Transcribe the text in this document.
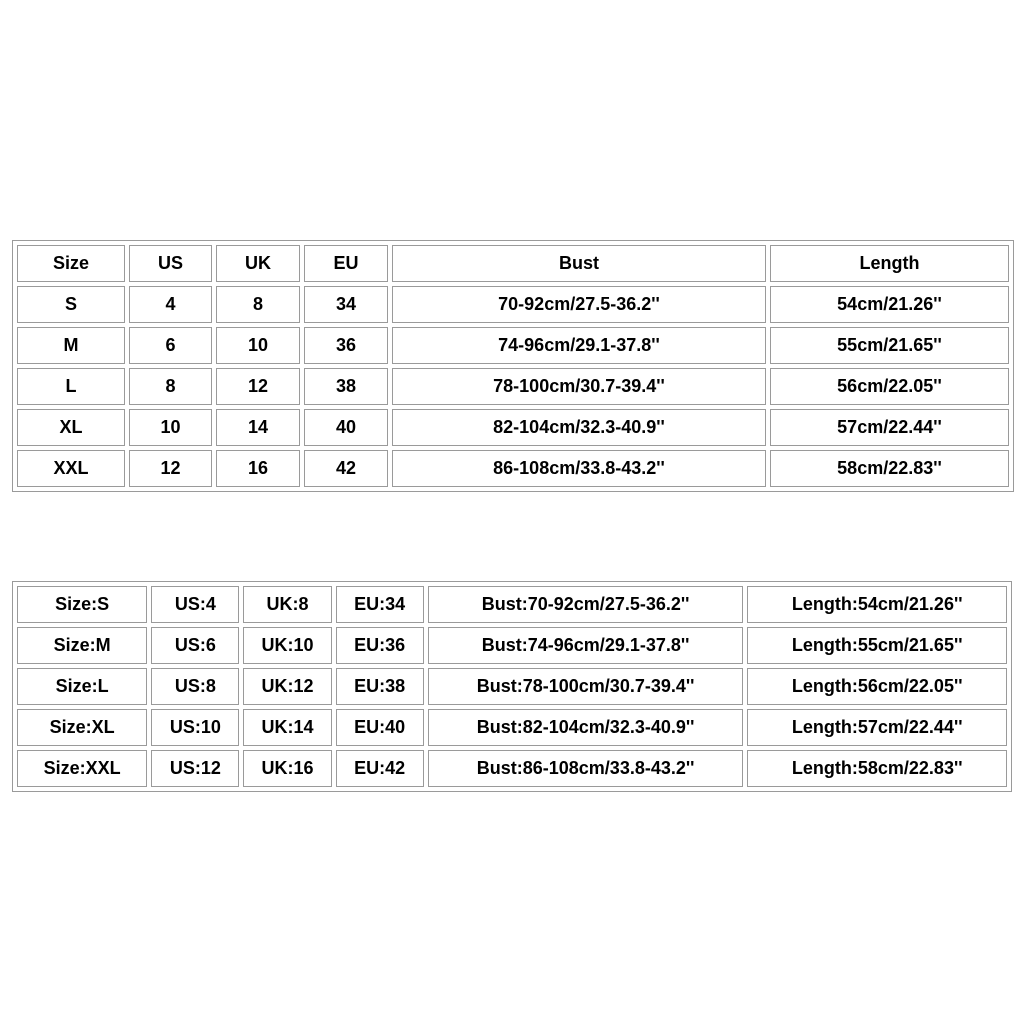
Size	US	UK	EU	Bust	Length
S	4	8	34	70-92cm/27.5-36.2''	54cm/21.26''
M	6	10	36	74-96cm/29.1-37.8''	55cm/21.65''
L	8	12	38	78-100cm/30.7-39.4''	56cm/22.05''
XL	10	14	40	82-104cm/32.3-40.9''	57cm/22.44''
XXL	12	16	42	86-108cm/33.8-43.2''	58cm/22.83''
Size:S	US:4	UK:8	EU:34	Bust:70-92cm/27.5-36.2''	Length:54cm/21.26''
Size:M	US:6	UK:10	EU:36	Bust:74-96cm/29.1-37.8''	Length:55cm/21.65''
Size:L	US:8	UK:12	EU:38	Bust:78-100cm/30.7-39.4''	Length:56cm/22.05''
Size:XL	US:10	UK:14	EU:40	Bust:82-104cm/32.3-40.9''	Length:57cm/22.44''
Size:XXL	US:12	UK:16	EU:42	Bust:86-108cm/33.8-43.2''	Length:58cm/22.83''
